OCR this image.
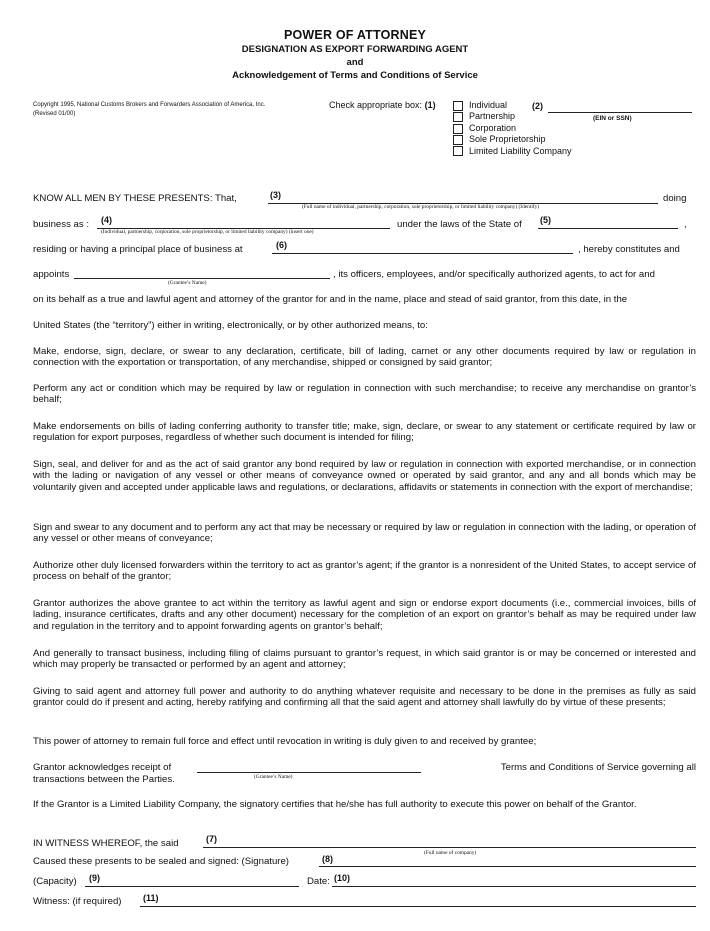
POWER OF ATTORNEY
DESIGNATION AS EXPORT FORWARDING AGENT
and
Acknowledgement of Terms and Conditions of Service
Copyright 1995, National Customs Brokers and Forwarders Association of America, Inc.
(Revised 01/00)
Check appropriate box: (1)	Individual
Partnership
Corporation
Sole Proprietorship
Limited Liability Company
(2)
(EIN or SSN)
KNOW ALL MEN BY THESE PRESENTS: That,	(3)
(Full name of individual, partnership, corporation, sole proprietorship, or limited liability company) (Identify)
doing
business as : (4)
(Individual, partnership, corporation, sole proprietorship, or limited liability company) (insert one)
under the laws of the State of (5)	,
residing or having a principal place of business at	(6)	, hereby constitutes and
appoints
(Grantee’s Name)
, its officers, employees, and/or specifically authorized agents, to act for and
on its behalf as a true and lawful agent and attorney of the grantor for and in the name, place and stead of said grantor, from this date, in the
United States (the “territory”) either in writing, electronically, or by other authorized means, to:
Make, endorse, sign, declare, or swear to any declaration, certificate, bill of lading, carnet or any other documents required by law or regulation in connection with the exportation or transportation, of any merchandise, shipped or consigned by said grantor;
Perform any act or condition which may be required by law or regulation in connection with such merchandise; to receive any merchandise on grantor’s behalf;
Make endorsements on bills of lading conferring authority to transfer title; make, sign, declare, or swear to any statement or certificate required by law or regulation for export purposes, regardless of whether such document is intended for filing;
Sign, seal, and deliver for and as the act of said grantor any bond required by law or regulation in connection with exported merchandise, or in connection with the lading or navigation of any vessel or other means of conveyance owned or operated by said grantor, and any and all bonds which may be voluntarily given and accepted under applicable laws and regulations, or declarations, affidavits or statements in connection with the export of merchandise;
Sign and swear to any document and to perform any act that may be necessary or required by law or regulation in connection with the lading, or operation of any vessel or other means of conveyance;
Authorize other duly licensed forwarders within the territory to act as grantor’s agent; if the grantor is a nonresident of the United States, to accept service of process on behalf of the grantor;
Grantor authorizes the above grantee to act within the territory as lawful agent and sign or endorse export documents (i.e., commercial invoices, bills of lading, insurance certificates, drafts and any other document) necessary for the completion of an export on grantor’s behalf as may be required under law and regulation in the territory and to appoint forwarding agents on grantor’s behalf;
And generally to transact business, including filing of claims pursuant to grantor’s request, in which said grantor is or may be concerned or interested and which may properly be transacted or performed by an agent and attorney;
Giving to said agent and attorney full power and authority to do anything whatever requisite and necessary to be done in the premises as fully as said grantor could do if present and acting, hereby ratifying and confirming all that the said agent and attorney shall lawfully do by virtue of these presents;
This power of attorney to remain full force and effect until revocation in writing is duly given to and received by grantee;
Grantor acknowledges receipt of
transactions between the Parties.	(Grantee’s Name)
Terms and Conditions of Service governing all
If the Grantor is a Limited Liability Company, the signatory certifies that he/she has full authority to execute this power on behalf of the Grantor.
IN WITNESS WHEREOF, the said	(7)
(Full name of company)
Caused these presents to be sealed and signed: (Signature)	(8)
(Capacity) (9)	Date: (10)
Witness: (if required) (11)
